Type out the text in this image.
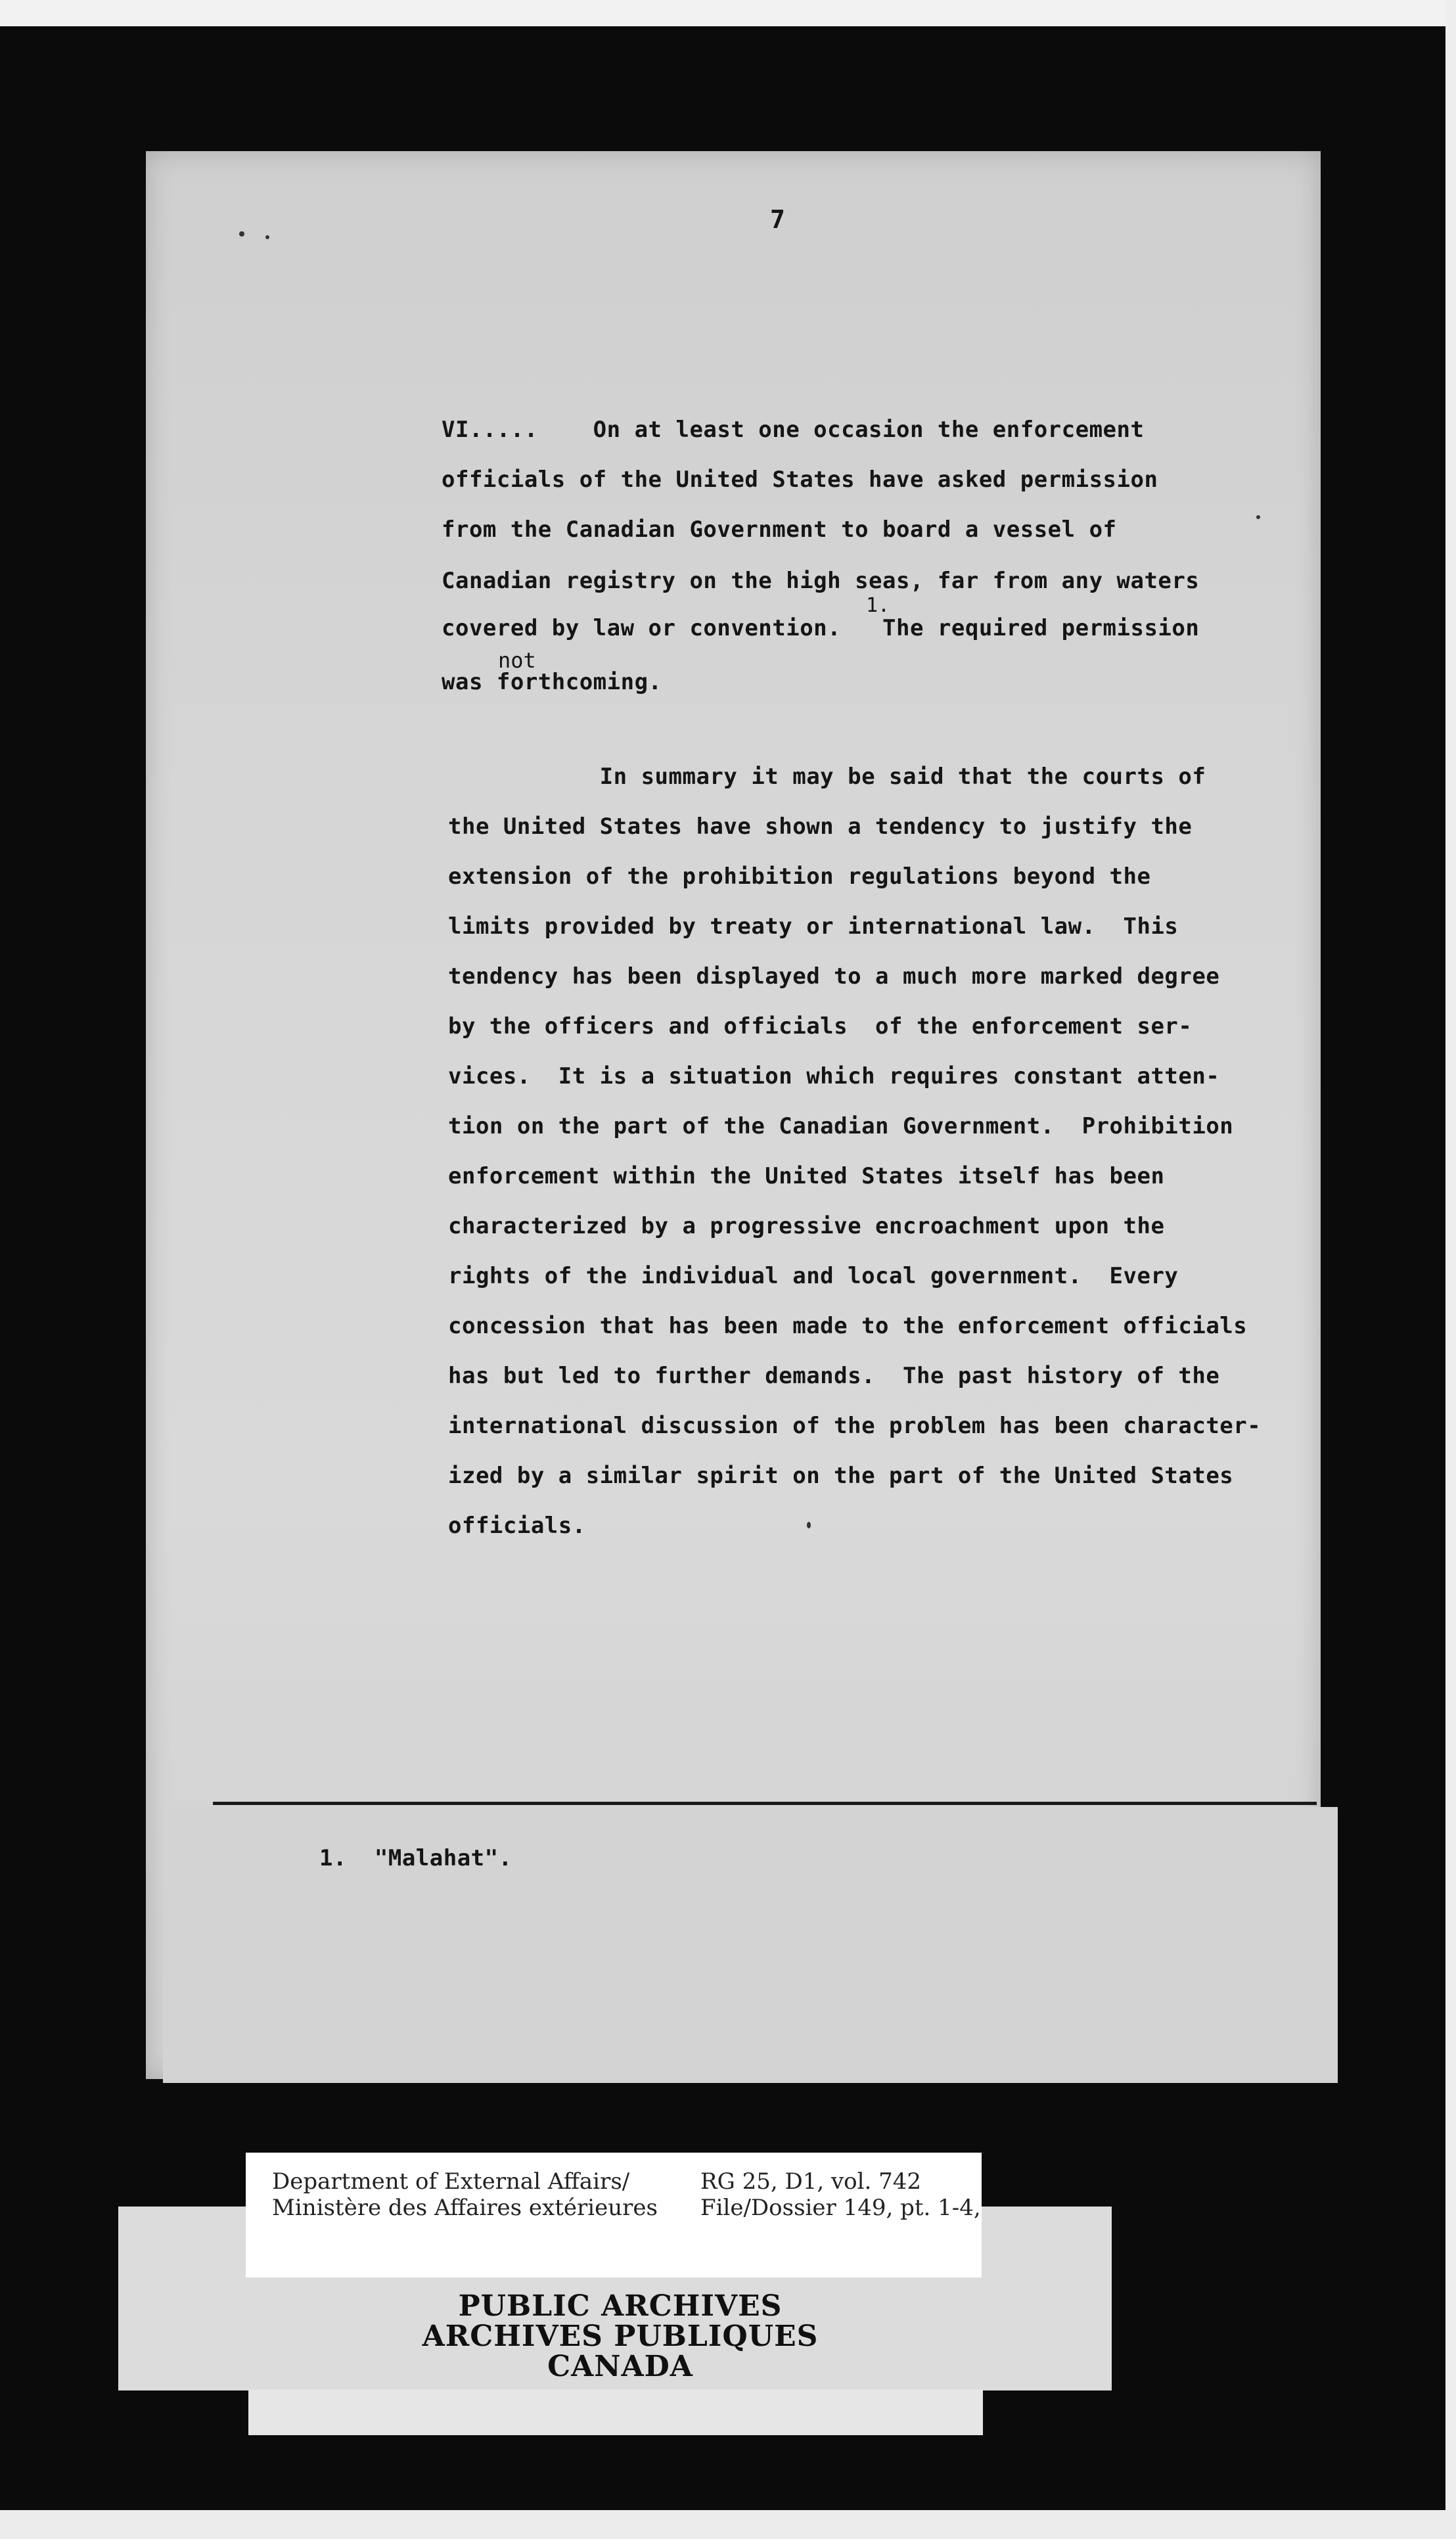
7
VI.....    On at least one occasion the enforcement
officials of the United States have asked permission
from the Canadian Government to board a vessel of
Canadian registry on the high seas, far from any waters
covered by law or convention.   The required permission
was forthcoming.
1.
not
In summary it may be said that the courts of
the United States have shown a tendency to justify the
extension of the prohibition regulations beyond the
limits provided by treaty or international law.  This
tendency has been displayed to a much more marked degree
by the officers and officials  of the enforcement ser-
vices.  It is a situation which requires constant atten-
tion on the part of the Canadian Government.  Prohibition
enforcement within the United States itself has been
characterized by a progressive encroachment upon the
rights of the individual and local government.  Every
concession that has been made to the enforcement officials
has but led to further demands.  The past history of the
international discussion of the problem has been character-
ized by a similar spirit on the part of the United States
officials.
1.  "Malahat".
Department of External Affairs/
Ministère des Affaires extérieures
RG 25, D1, vol. 742
File/Dossier 149, pt. 1-4,
PUBLIC ARCHIVES
ARCHIVES PUBLIQUES
CANADA
